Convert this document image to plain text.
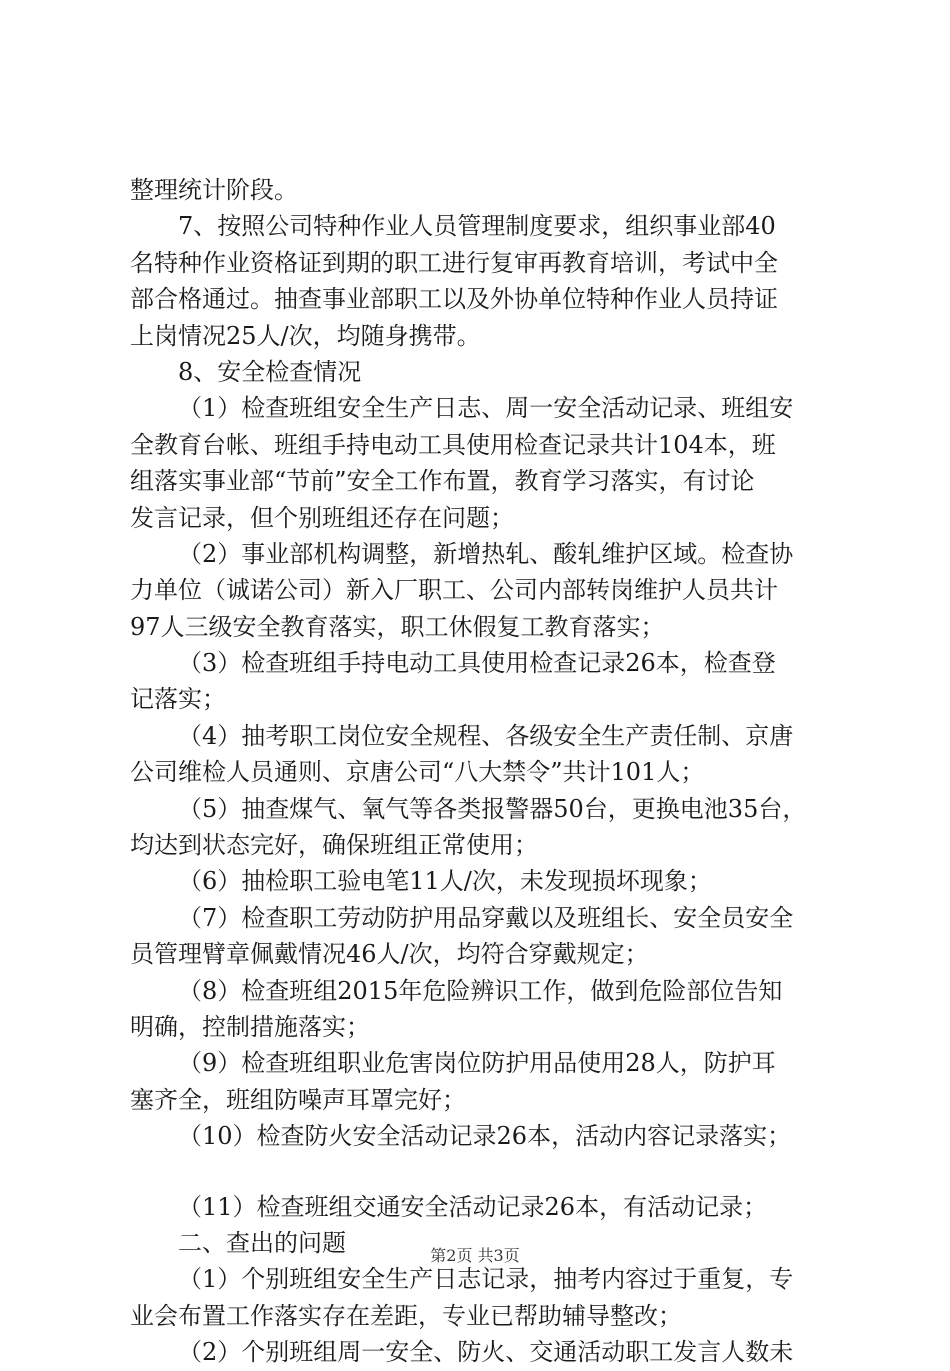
整理统计阶段。
7、按照公司特种作业人员管理制度要求，组织事业部40
名特种作业资格证到期的职工进行复审再教育培训，考试中全
部合格通过。抽查事业部职工以及外协单位特种作业人员持证
上岗情况25人/次，均随身携带。
8、安全检查情况
（1）检查班组安全生产日志、周一安全活动记录、班组安
全教育台帐、班组手持电动工具使用检查记录共计104本，班
组落实事业部“节前”安全工作布置，教育学习落实，有讨论
发言记录，但个别班组还存在问题；
（2）事业部机构调整，新增热轧、酸轧维护区域。检查协
力单位（诚诺公司）新入厂职工、公司内部转岗维护人员共计
97人三级安全教育落实，职工休假复工教育落实；
（3）检查班组手持电动工具使用检查记录26本，检查登
记落实；
（4）抽考职工岗位安全规程、各级安全生产责任制、京唐
公司维检人员通则、京唐公司“八大禁令”共计101人；
（5）抽查煤气、氧气等各类报警器50台，更换电池35台，
均达到状态完好，确保班组正常使用；
（6）抽检职工验电笔11人/次，未发现损坏现象；
（7）检查职工劳动防护用品穿戴以及班组长、安全员安全
员管理臂章佩戴情况46人/次，均符合穿戴规定；
（8）检查班组2015年危险辨识工作，做到危险部位告知
明确，控制措施落实；
（9）检查班组职业危害岗位防护用品使用28人，防护耳
塞齐全，班组防噪声耳罩完好；
（10）检查防火安全活动记录26本，活动内容记录落实；
（11）检查班组交通安全活动记录26本，有活动记录；
二、查出的问题
（1）个别班组安全生产日志记录，抽考内容过于重复，专
业会布置工作落实存在差距，专业已帮助辅导整改；
（2）个别班组周一安全、防火、交通活动职工发言人数未
第2页 共3页
